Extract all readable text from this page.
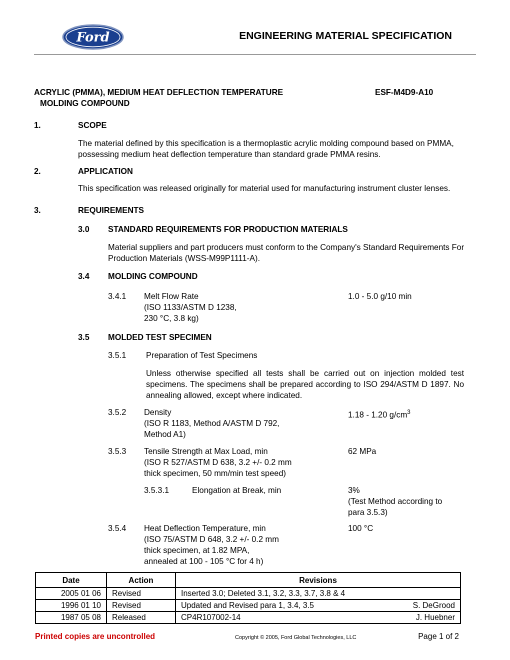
Ford	ENGINEERING MATERIAL SPECIFICATION
ACRYLIC (PMMA), MEDIUM HEAT DEFLECTION TEMPERATURE
MOLDING COMPOUND
ESF-M4D9-A10
1.	SCOPE
The material defined by this specification is a thermoplastic acrylic molding compound based on PMMA, possessing medium heat deflection temperature than standard grade PMMA resins.
2.	APPLICATION
This specification was released originally for material used for manufacturing instrument cluster lenses.
3.	REQUIREMENTS
3.0 STANDARD REQUIREMENTS FOR PRODUCTION MATERIALS
Material suppliers and part producers must conform to the Company's Standard Requirements For Production Materials (WSS-M99P1111-A).
3.4 MOLDING COMPOUND
3.4.1 Melt Flow Rate
(ISO 1133/ASTM D 1238,
230 °C, 3.8 kg)
1.0 - 5.0 g/10 min
3.5 MOLDED TEST SPECIMEN
3.5.1 Preparation of Test Specimens
Unless otherwise specified all tests shall be carried out on injection molded test specimens. The specimens shall be prepared according to ISO 294/ASTM D 1897. No annealing allowed, except where indicated.
3.5.2 Density
(ISO R 1183, Method A/ASTM D 792,
Method A1)
1.18 - 1.20 $g/cm^3$
3.5.3 Tensile Strength at Max Load, min
(ISO R 527/ASTM D 638, 3.2 +/- 0.2 mm
thick specimen, 50 mm/min test speed)
62 MPa
3.5.3.1	Elongation at Break, min	3%
(Test Method according to
para 3.5.3)
3.5.4 Heat Deflection Temperature, min
(ISO 75/ASTM D 648, 3.2 +/- 0.2 mm
thick specimen, at 1.82 MPA,
annealed at 100 - 105 °C for 4 h)
100 °C
Date	Action	Revisions	
2005 01 06	Revised	Inserted 3.0; Deleted 3.1, 3.2, 3.3, 3.7, 3.8 & 4	
1996 01 10	Revised	Updated and Revised para 1, 3.4, 3.5	S. DeGrood
1987 05 08	Released	CP4R107002-14	J. Huebner
Printed copies are uncontrolled	Copyright © 2005, Ford Global Technologies, LLC	Page 1 of 2
